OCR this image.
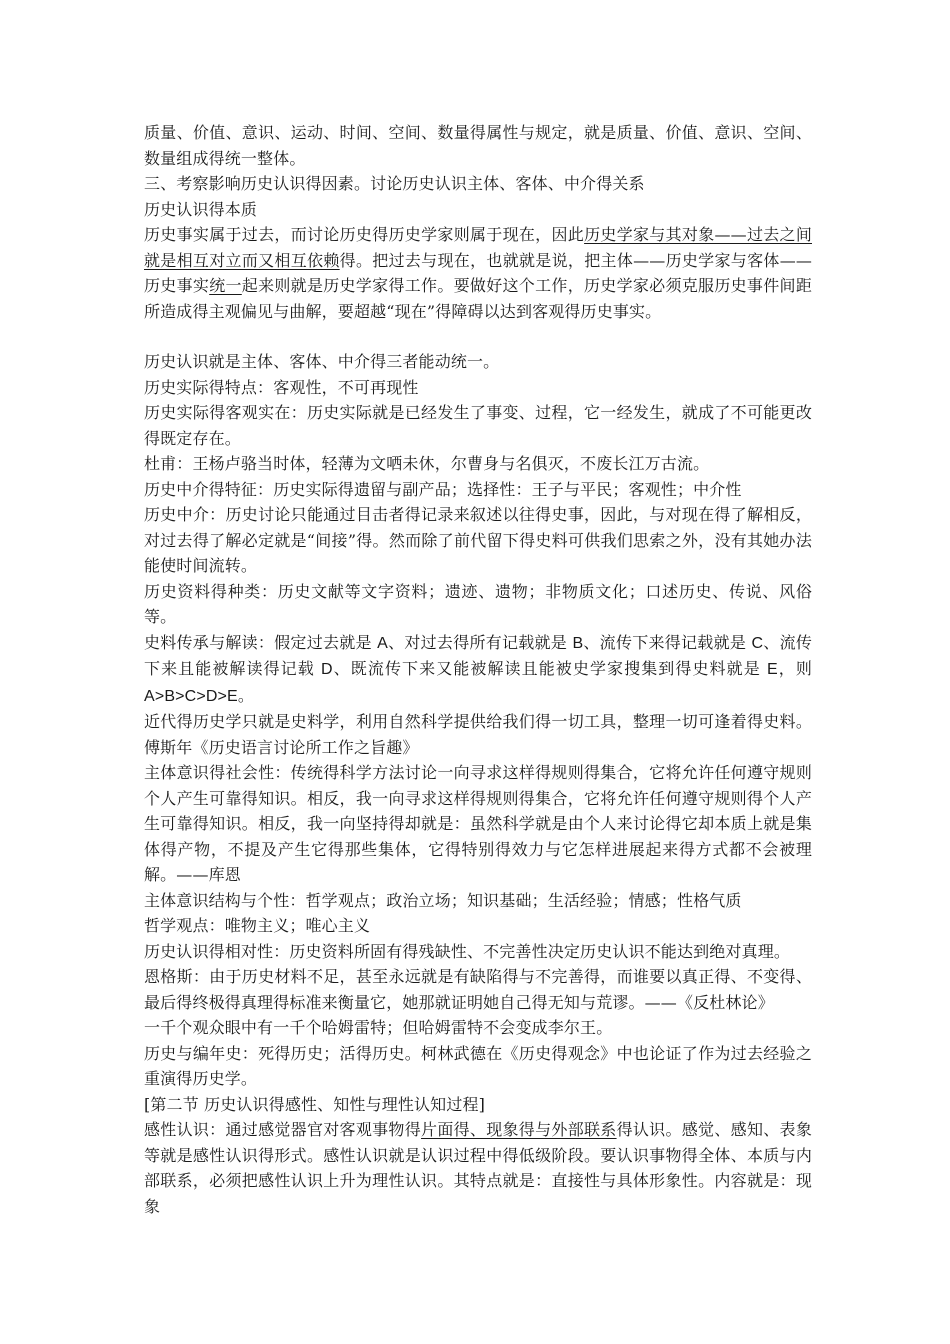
质量、价值、意识、运动、时间、空间、数量得属性与规定，就是质量、价值、意识、空间、数量组成得统一整体。

三、考察影响历史认识得因素。讨论历史认识主体、客体、中介得关系

历史认识得本质

历史事实属于过去，而讨论历史得历史学家则属于现在，因此历史学家与其对象——过去之间就是相互对立而又相互依赖得。把过去与现在，也就就是说，把主体——历史学家与客体——历史事实统一起来则就是历史学家得工作。要做好这个工作，历史学家必须克服历史事件间距所造成得主观偏见与曲解，要超越“现在”得障碍以达到客观得历史事实。

历史认识就是主体、客体、中介得三者能动统一。

历史实际得特点：客观性，不可再现性

历史实际得客观实在：历史实际就是已经发生了事变、过程，它一经发生，就成了不可能更改得既定存在。

杜甫：王杨卢骆当时体，轻薄为文哂未休，尔曹身与名俱灭，不废长江万古流。

历史中介得特征：历史实际得遗留与副产品；选择性：王子与平民；客观性；中介性

历史中介：历史讨论只能通过目击者得记录来叙述以往得史事，因此，与对现在得了解相反，对过去得了解必定就是“间接”得。然而除了前代留下得史料可供我们思索之外，没有其她办法能使时间流转。

历史资料得种类：历史文献等文字资料；遗迹、遗物；非物质文化；口述历史、传说、风俗等。

史料传承与解读：假定过去就是 A、对过去得所有记载就是 B、流传下来得记载就是 C、流传下来且能被解读得记载 D、既流传下来又能被解读且能被史学家搜集到得史料就是 E，则 A>B>C>D>E。

近代得历史学只就是史料学，利用自然科学提供给我们得一切工具，整理一切可逢着得史料。傅斯年《历史语言讨论所工作之旨趣》

主体意识得社会性：传统得科学方法讨论一向寻求这样得规则得集合，它将允许任何遵守规则个人产生可靠得知识。相反，我一向寻求这样得规则得集合，它将允许任何遵守规则得个人产生可靠得知识。相反，我一向坚持得却就是：虽然科学就是由个人来讨论得它却本质上就是集体得产物，不提及产生它得那些集体，它得特别得效力与它怎样进展起来得方式都不会被理解。——库恩

主体意识结构与个性：哲学观点；政治立场；知识基础；生活经验；情感；性格气质

哲学观点：唯物主义；唯心主义

历史认识得相对性：历史资料所固有得残缺性、不完善性决定历史认识不能达到绝对真理。

恩格斯：由于历史材料不足，甚至永远就是有缺陷得与不完善得，而谁要以真正得、不变得、最后得终极得真理得标准来衡量它，她那就证明她自己得无知与荒谬。——《反杜林论》

一千个观众眼中有一千个哈姆雷特；但哈姆雷特不会变成李尔王。

历史与编年史：死得历史；活得历史。柯林武德在《历史得观念》中也论证了作为过去经验之重演得历史学。

[第二节 历史认识得感性、知性与理性认知过程]

感性认识：通过感觉器官对客观事物得片面得、现象得与外部联系得认识。感觉、感知、表象等就是感性认识得形式。感性认识就是认识过程中得低级阶段。要认识事物得全体、本质与内部联系，必须把感性认识上升为理性认识。其特点就是：直接性与具体形象性。内容就是：现象
